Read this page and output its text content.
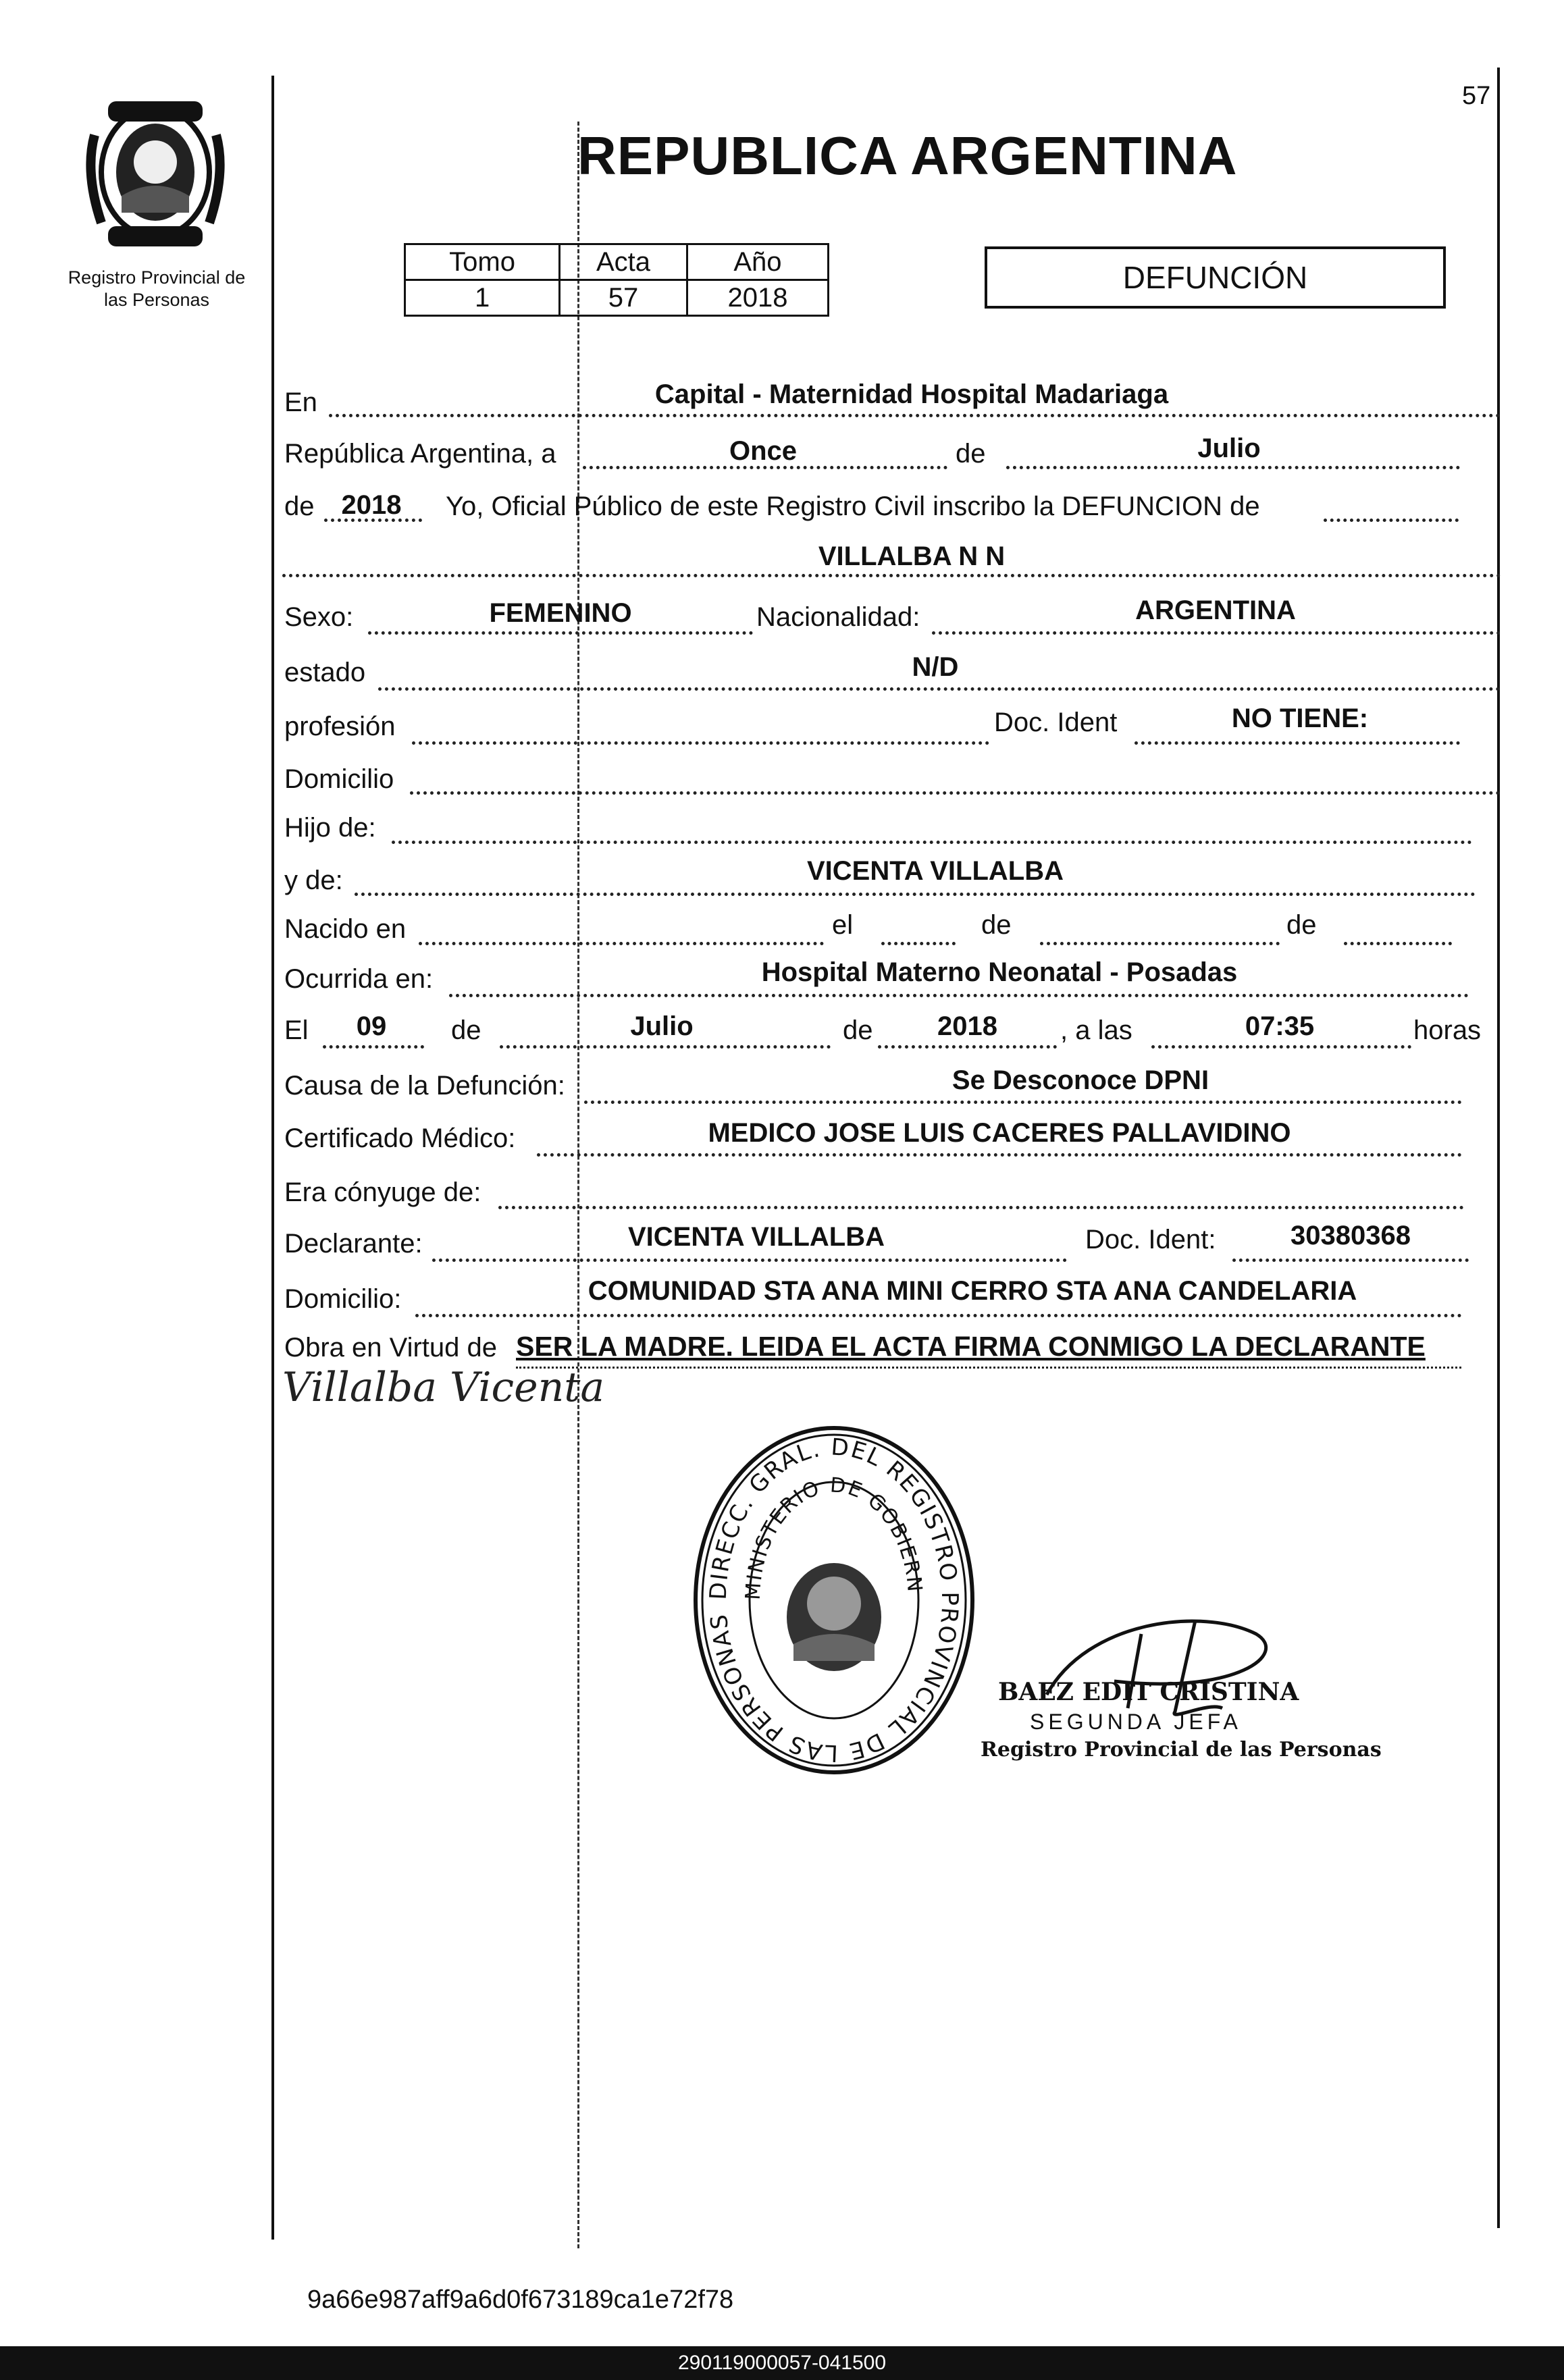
57
Registro Provincial de
las Personas
REPUBLICA ARGENTINA
Tomo	Acta	Año
1	57	2018
DEFUNCIÓN
En	Capital - Maternidad Hospital Madariaga
República Argentina, a	Once	de	Julio
de	2018	Yo, Oficial Público de este Registro Civil inscribo la DEFUNCION de
VILLALBA N N
Sexo:	FEMENINO	Nacionalidad:	ARGENTINA
estado	N/D
profesión	Doc. Ident	NO TIENE:
Domicilio
Hijo de:
y de:	VICENTA VILLALBA
Nacido en	el	de	de
Ocurrida en:	Hospital Materno Neonatal - Posadas
El	09	de	Julio	de	2018	, a las	07:35	horas
Causa de la Defunción:	Se Desconoce DPNI
Certificado Médico:	MEDICO JOSE LUIS CACERES PALLAVIDINO
Era cónyuge de:
Declarante:	VICENTA VILLALBA	Doc. Ident:	30380368
Domicilio:	COMUNIDAD STA ANA MINI CERRO STA ANA CANDELARIA
Obra en Virtud de SER LA MADRE. LEIDA EL ACTA FIRMA CONMIGO LA DECLARANTE
Villalba Vicenta
DIRECC. GRAL. DEL REGISTRO PROVINCIAL DE LAS PERSONAS
MINISTERIO DE GOBIERN
BAEZ EDIT CRISTINA
SEGUNDA JEFA
Registro Provincial de las Personas
9a66e987aff9a6d0f673189ca1e72f78
290119000057-041500
